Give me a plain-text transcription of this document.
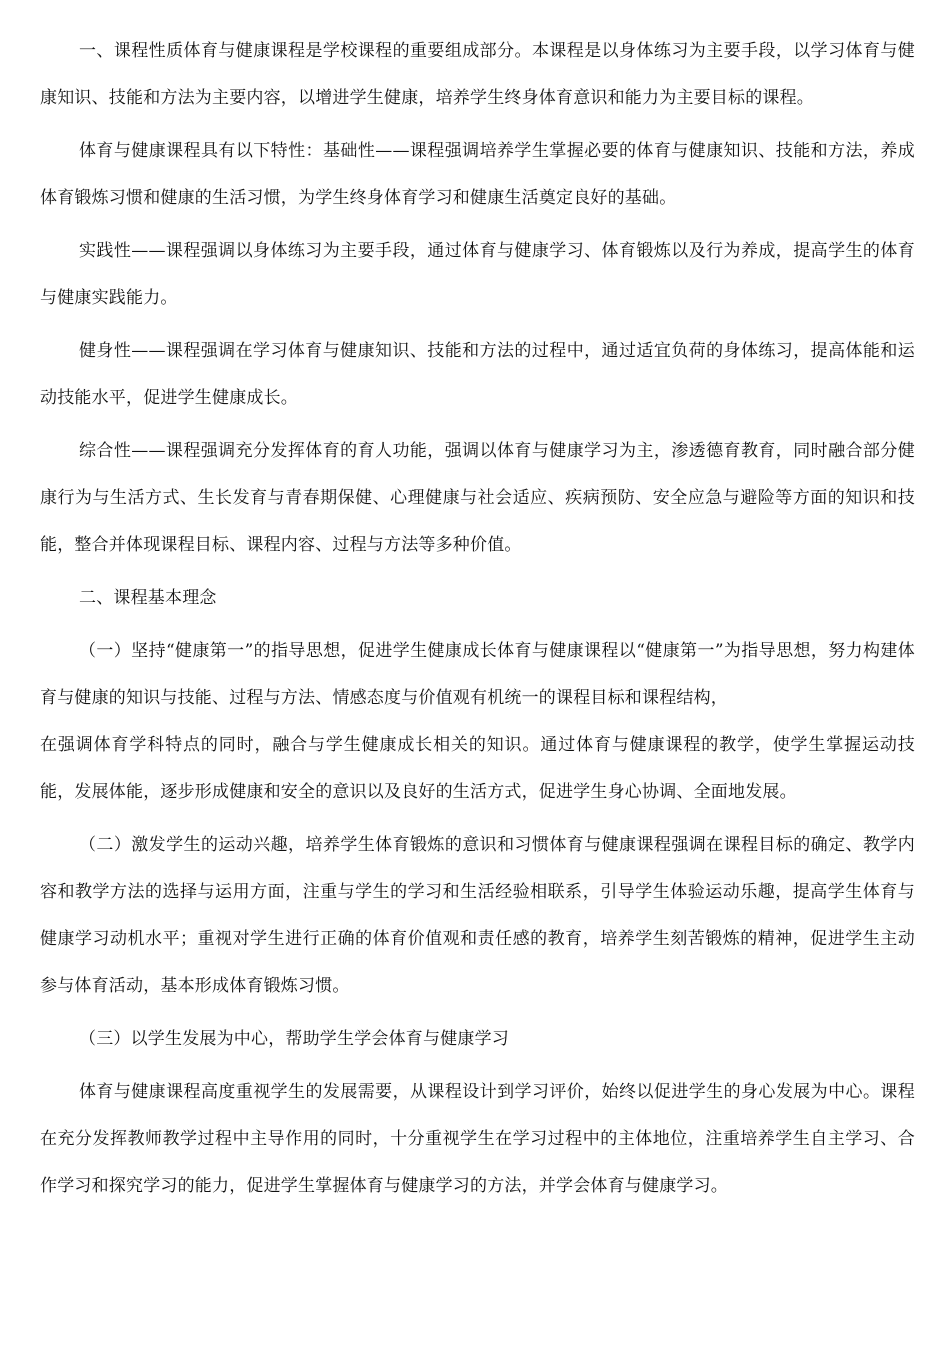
一、课程性质体育与健康课程是学校课程的重要组成部分。本课程是以身体练习为主要手段，以学习体育与健康知识、技能和方法为主要内容，以增进学生健康，培养学生终身体育意识和能力为主要目标的课程。

体育与健康课程具有以下特性：基础性——课程强调培养学生掌握必要的体育与健康知识、技能和方法，养成体育锻炼习惯和健康的生活习惯，为学生终身体育学习和健康生活奠定良好的基础。

实践性——课程强调以身体练习为主要手段，通过体育与健康学习、体育锻炼以及行为养成，提高学生的体育与健康实践能力。

健身性——课程强调在学习体育与健康知识、技能和方法的过程中，通过适宜负荷的身体练习，提高体能和运动技能水平，促进学生健康成长。

综合性——课程强调充分发挥体育的育人功能，强调以体育与健康学习为主，渗透德育教育，同时融合部分健康行为与生活方式、生长发育与青春期保健、心理健康与社会适应、疾病预防、安全应急与避险等方面的知识和技能，整合并体现课程目标、课程内容、过程与方法等多种价值。

二、课程基本理念

（一）坚持“健康第一”的指导思想，促进学生健康成长体育与健康课程以“健康第一”为指导思想，努力构建体育与健康的知识与技能、过程与方法、情感态度与价值观有机统一的课程目标和课程结构，

在强调体育学科特点的同时，融合与学生健康成长相关的知识。通过体育与健康课程的教学，使学生掌握运动技能，发展体能，逐步形成健康和安全的意识以及良好的生活方式，促进学生身心协调、全面地发展。

（二）激发学生的运动兴趣，培养学生体育锻炼的意识和习惯体育与健康课程强调在课程目标的确定、教学内容和教学方法的选择与运用方面，注重与学生的学习和生活经验相联系，引导学生体验运动乐趣，提高学生体育与健康学习动机水平；重视对学生进行正确的体育价值观和责任感的教育，培养学生刻苦锻炼的精神，促进学生主动参与体育活动，基本形成体育锻炼习惯。

（三）以学生发展为中心，帮助学生学会体育与健康学习

体育与健康课程高度重视学生的发展需要，从课程设计到学习评价，始终以促进学生的身心发展为中心。课程在充分发挥教师教学过程中主导作用的同时，十分重视学生在学习过程中的主体地位，注重培养学生自主学习、合作学习和探究学习的能力，促进学生掌握体育与健康学习的方法，并学会体育与健康学习。
